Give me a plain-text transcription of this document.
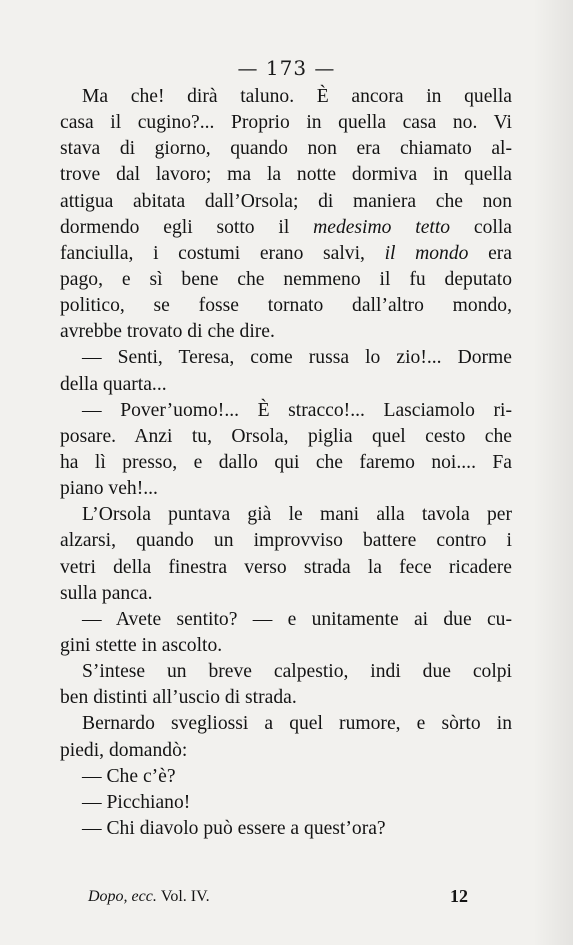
— 173 —
Ma che! dirà taluno. È ancora in quella
casa il cugino?... Proprio in quella casa no. Vi
stava di giorno, quando non era chiamato al-
trove dal lavoro; ma la notte dormiva in quella
attigua abitata dall’Orsola; di maniera che non
dormendo egli sotto il medesimo tetto colla
fanciulla, i costumi erano salvi, il mondo era
pago, e sì bene che nemmeno il fu deputato
politico, se fosse tornato dall’altro mondo,
avrebbe trovato di che dire.
— Senti, Teresa, come russa lo zio!... Dorme
della quarta...
— Pover’uomo!... È stracco!... Lasciamolo ri-
posare. Anzi tu, Orsola, piglia quel cesto che
ha lì presso, e dallo qui che faremo noi.... Fa
piano veh!...
L’Orsola puntava già le mani alla tavola per
alzarsi, quando un improvviso battere contro i
vetri della finestra verso strada la fece ricadere
sulla panca.
— Avete sentito? — e unitamente ai due cu-
gini stette in ascolto.
S’intese un breve calpestio, indi due colpi
ben distinti all’uscio di strada.
Bernardo svegliossi a quel rumore, e sòrto in
piedi, domandò:
— Che c’è?
— Picchiano!
— Chi diavolo può essere a quest’ora?
Dopo, ecc. Vol. IV.	12
